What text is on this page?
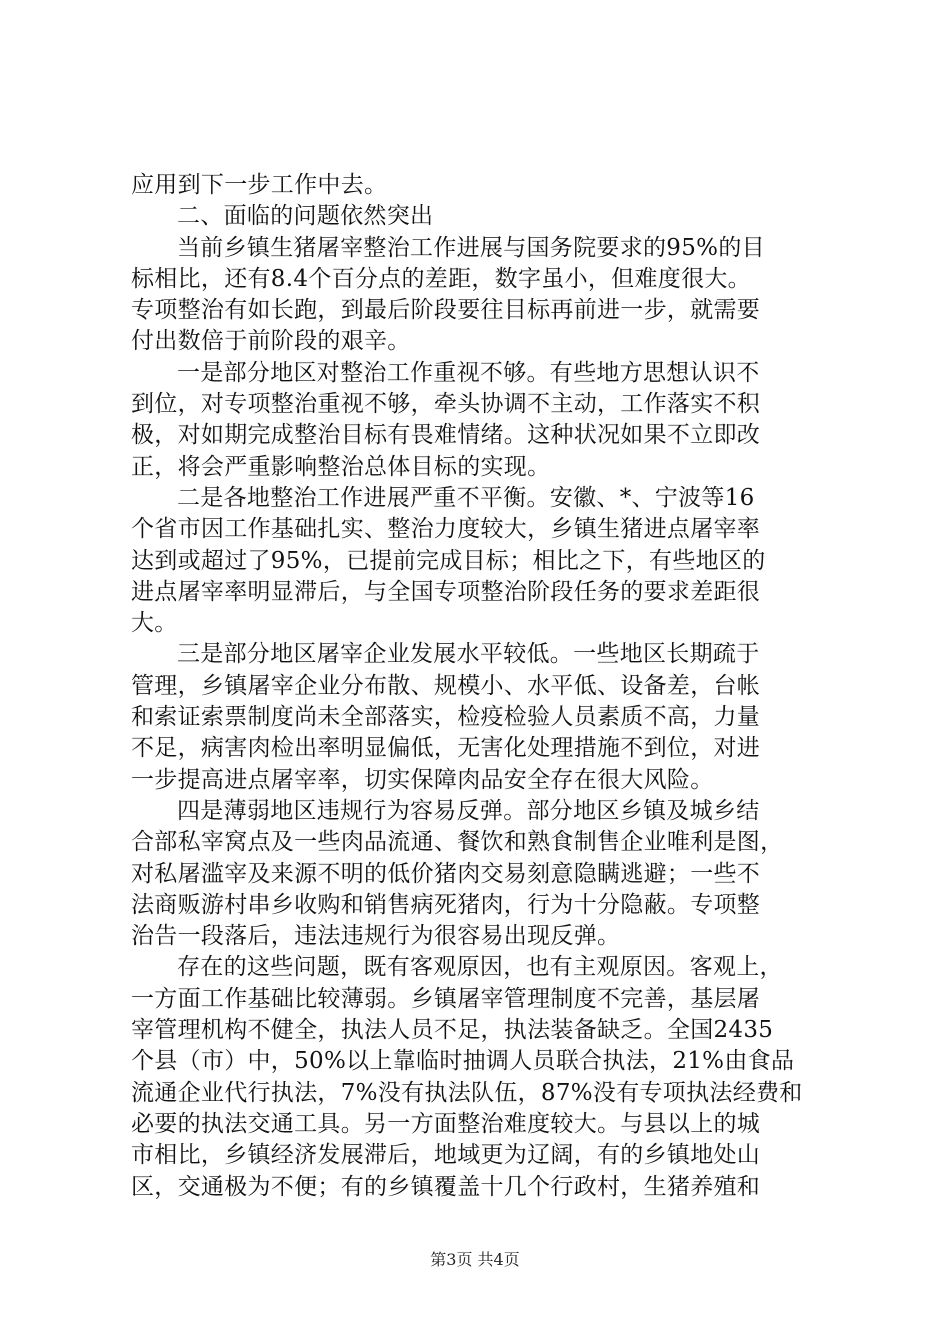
应用到下一步工作中去。
二、面临的问题依然突出
当前乡镇生猪屠宰整治工作进展与国务院要求的95%的目
标相比，还有8.4个百分点的差距，数字虽小，但难度很大。
专项整治有如长跑，到最后阶段要往目标再前进一步，就需要
付出数倍于前阶段的艰辛。
一是部分地区对整治工作重视不够。有些地方思想认识不
到位，对专项整治重视不够，牵头协调不主动，工作落实不积
极，对如期完成整治目标有畏难情绪。这种状况如果不立即改
正，将会严重影响整治总体目标的实现。
二是各地整治工作进展严重不平衡。安徽、*、宁波等16
个省市因工作基础扎实、整治力度较大，乡镇生猪进点屠宰率
达到或超过了95%，已提前完成目标；相比之下，有些地区的
进点屠宰率明显滞后，与全国专项整治阶段任务的要求差距很
大。
三是部分地区屠宰企业发展水平较低。一些地区长期疏于
管理，乡镇屠宰企业分布散、规模小、水平低、设备差，台帐
和索证索票制度尚未全部落实，检疫检验人员素质不高，力量
不足，病害肉检出率明显偏低，无害化处理措施不到位，对进
一步提高进点屠宰率，切实保障肉品安全存在很大风险。
四是薄弱地区违规行为容易反弹。部分地区乡镇及城乡结
合部私宰窝点及一些肉品流通、餐饮和熟食制售企业唯利是图，
对私屠滥宰及来源不明的低价猪肉交易刻意隐瞒逃避；一些不
法商贩游村串乡收购和销售病死猪肉，行为十分隐蔽。专项整
治告一段落后，违法违规行为很容易出现反弹。
存在的这些问题，既有客观原因，也有主观原因。客观上，
一方面工作基础比较薄弱。乡镇屠宰管理制度不完善，基层屠
宰管理机构不健全，执法人员不足，执法装备缺乏。全国2435
个县（市）中，50%以上靠临时抽调人员联合执法，21%由食品
流通企业代行执法，7%没有执法队伍，87%没有专项执法经费和
必要的执法交通工具。另一方面整治难度较大。与县以上的城
市相比，乡镇经济发展滞后，地域更为辽阔，有的乡镇地处山
区，交通极为不便；有的乡镇覆盖十几个行政村，生猪养殖和
第3页 共4页
